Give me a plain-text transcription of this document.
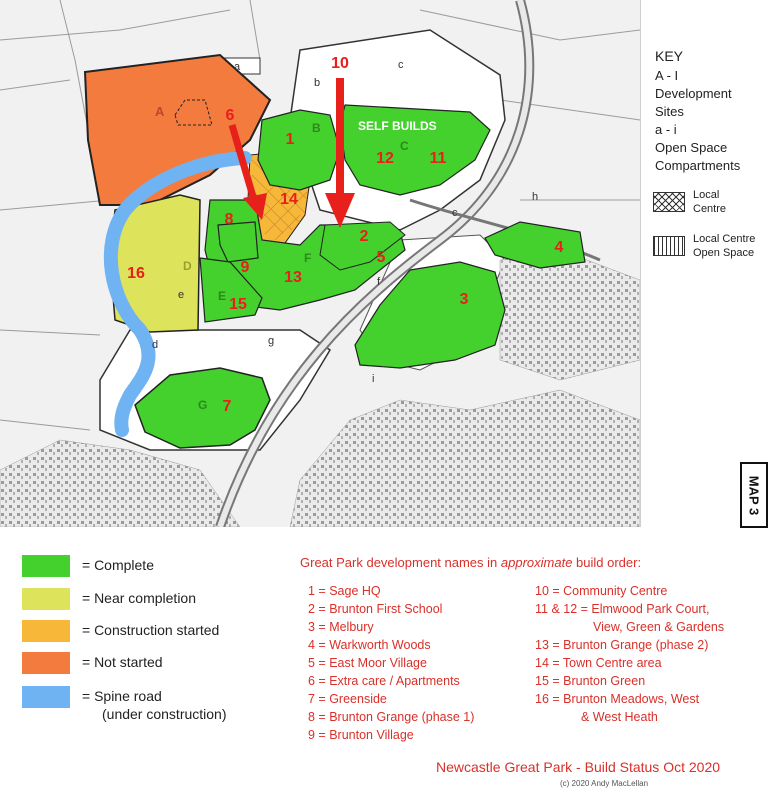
a
b
c
c
d
e
f
g
h
i
A
B
C
E
F
G
D
SELF BUILDS
1
2
3
4
5
6
7
8
9
10
11
12
13
14
15
16
KEY
A - I
Development
Sites
a - i
Open Space
Compartments
Local
Centre
Local Centre
Open Space
MAP 3
= Complete
= Near completion
= Construction started
= Not started
= Spine road
(under construction)
Great Park development names in approximate build order:
1 = Sage HQ
2 = Brunton First School
3 = Melbury
4 = Warkworth Woods
5 = East Moor Village
6 = Extra care / Apartments
7 = Greenside
8 = Brunton Grange (phase 1)
9 = Brunton Village
10 = Community Centre
11 & 12 = Elmwood Park Court,
View, Green & Gardens
13 = Brunton Grange (phase 2)
14 = Town Centre area
15 = Brunton Green
16 = Brunton Meadows, West
& West Heath
Newcastle Great Park - Build Status Oct 2020
(c) 2020 Andy MacLellan
